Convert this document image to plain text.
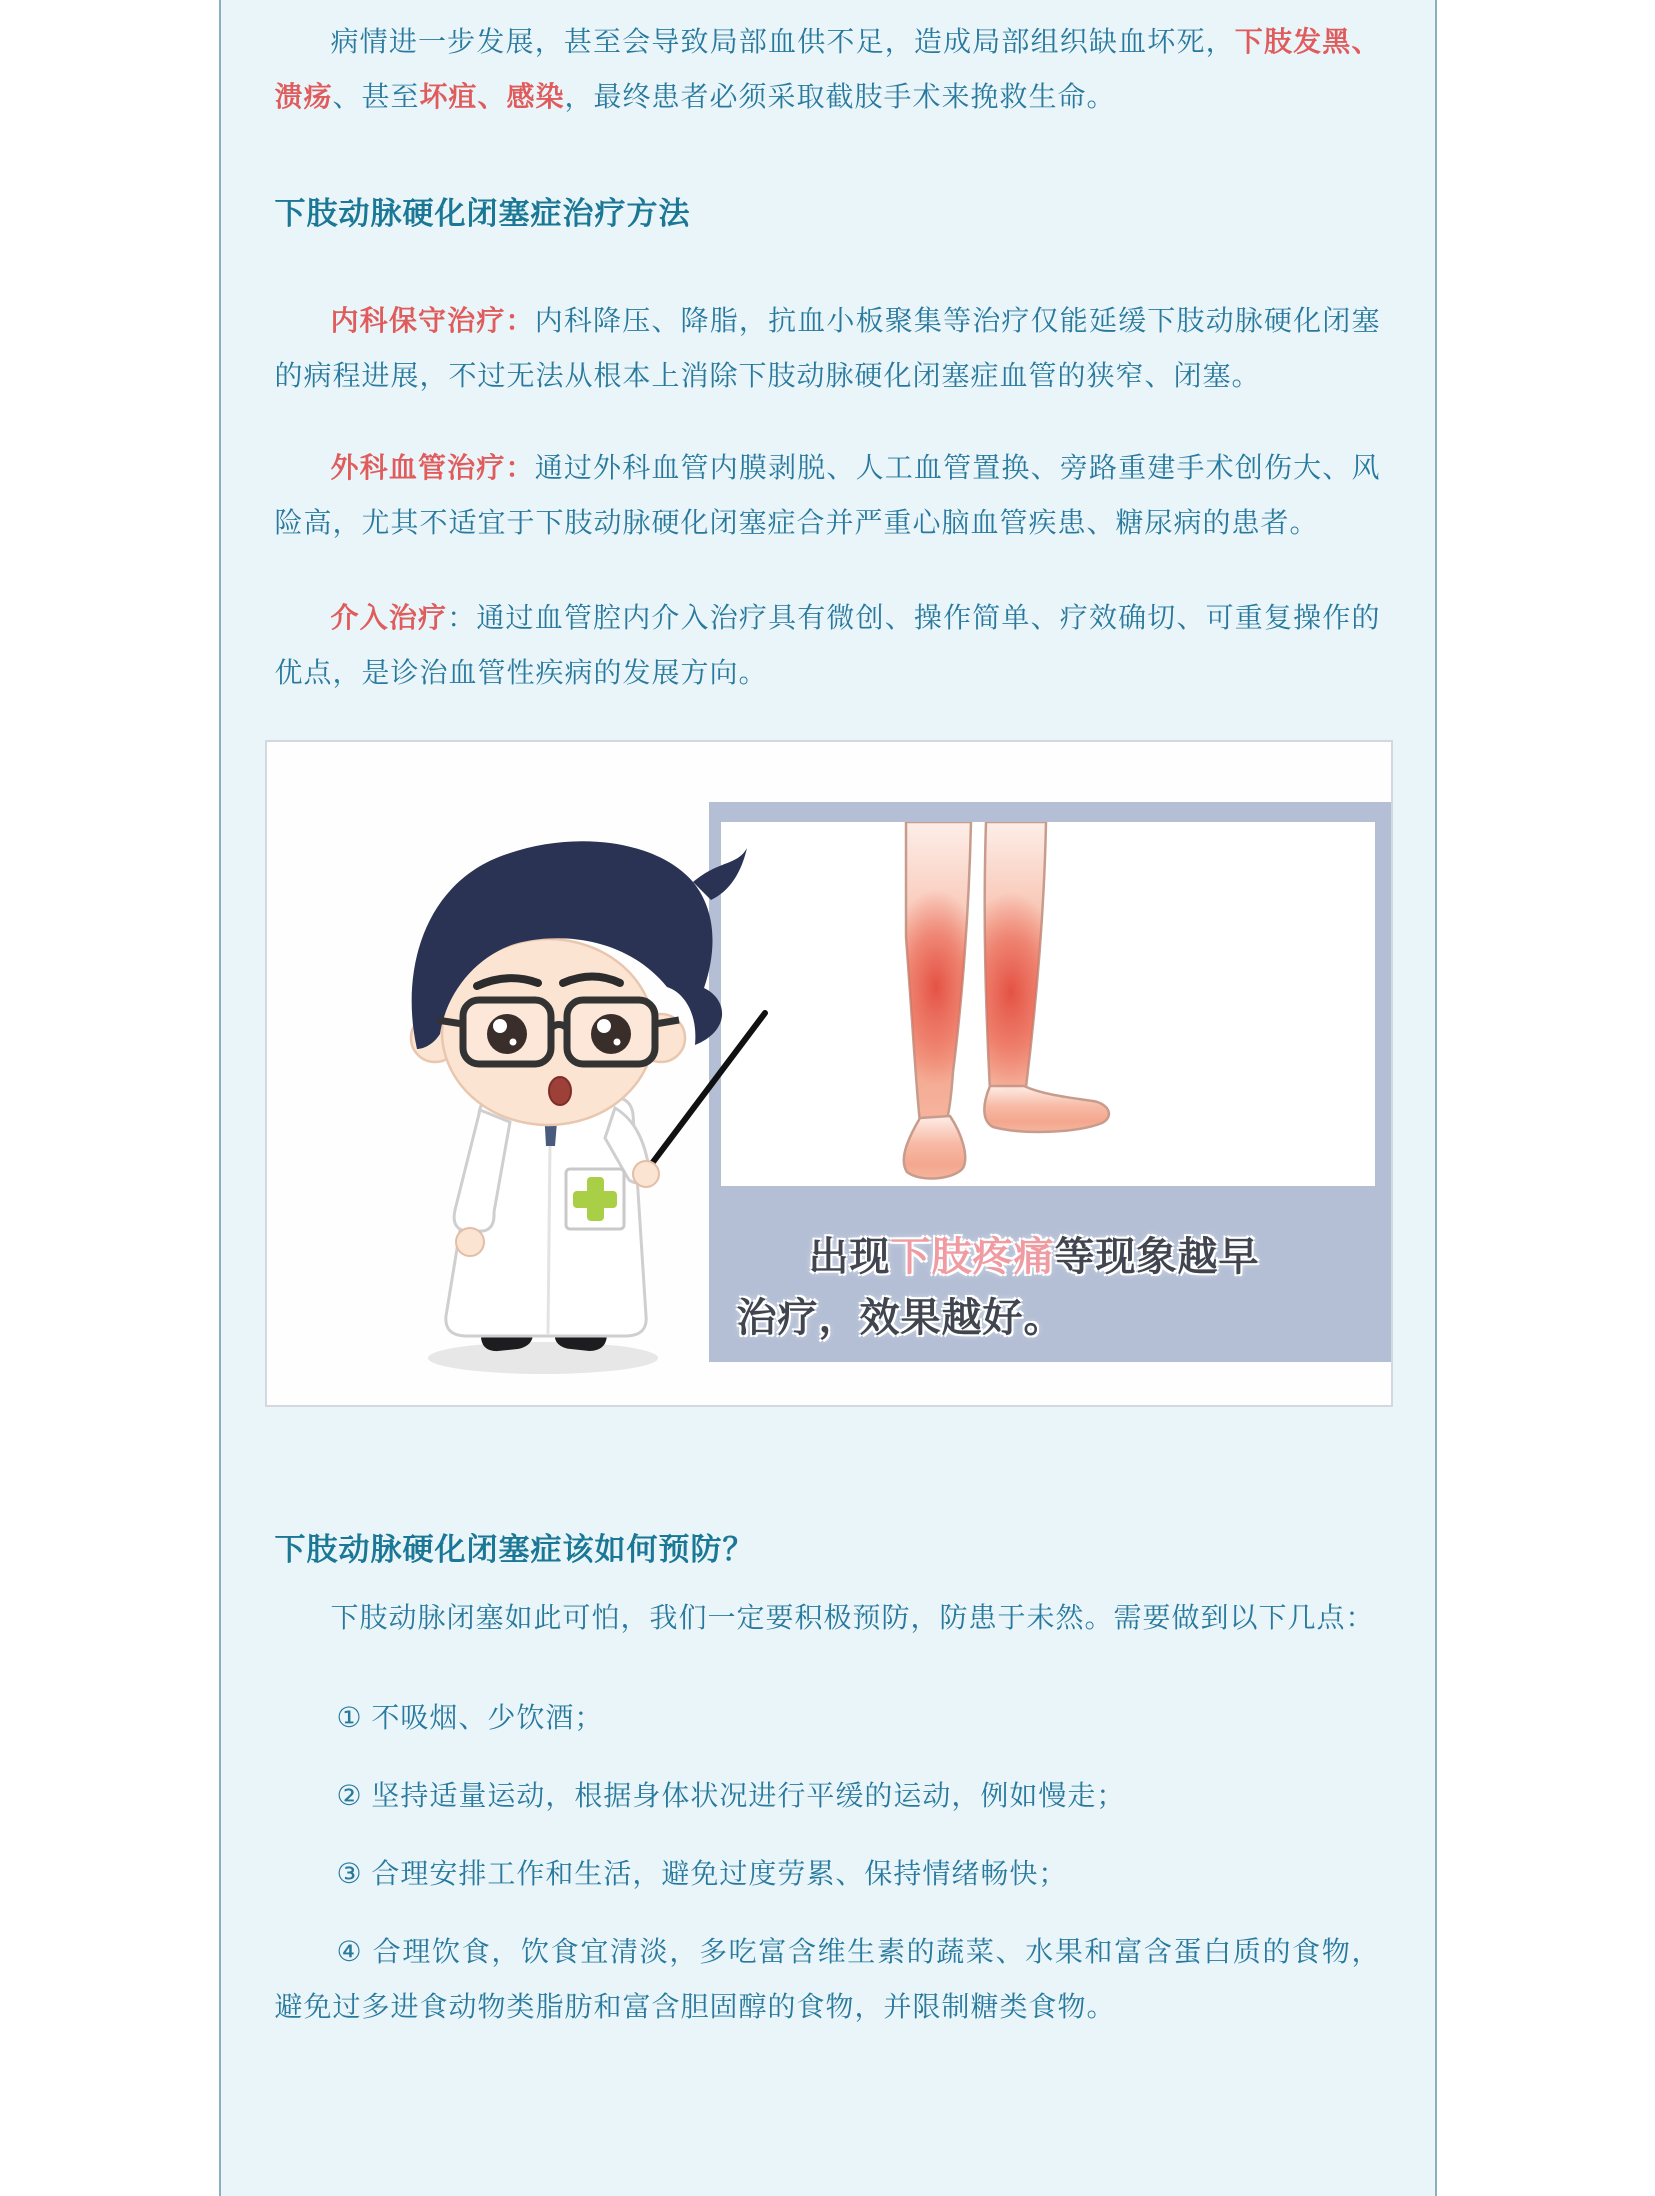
病情进一步发展，甚至会导致局部血供不足，造成局部组织缺血坏死，下肢发黑、溃疡、甚至坏疽、感染，最终患者必须采取截肢手术来挽救生命。

下肢动脉硬化闭塞症治疗方法

内科保守治疗：内科降压、降脂，抗血小板聚集等治疗仅能延缓下肢动脉硬化闭塞的病程进展，不过无法从根本上消除下肢动脉硬化闭塞症血管的狭窄、闭塞。

外科血管治疗：通过外科血管内膜剥脱、人工血管置换、旁路重建手术创伤大、风险高，尤其不适宜于下肢动脉硬化闭塞症合并严重心脑血管疾患、糖尿病的患者。

介入治疗：通过血管腔内介入治疗具有微创、操作简单、疗效确切、可重复操作的优点，是诊治血管性疾病的发展方向。

出现下肢疼痛等现象越早
治疗，效果越好。
下肢动脉硬化闭塞症该如何预防？

下肢动脉闭塞如此可怕，我们一定要积极预防，防患于未然。需要做到以下几点：

① 不吸烟、少饮酒；

② 坚持适量运动，根据身体状况进行平缓的运动，例如慢走；

③ 合理安排工作和生活，避免过度劳累、保持情绪畅快；

④ 合理饮食，饮食宜清淡，多吃富含维生素的蔬菜、水果和富含蛋白质的食物，避免过多进食动物类脂肪和富含胆固醇的食物，并限制糖类食物。
